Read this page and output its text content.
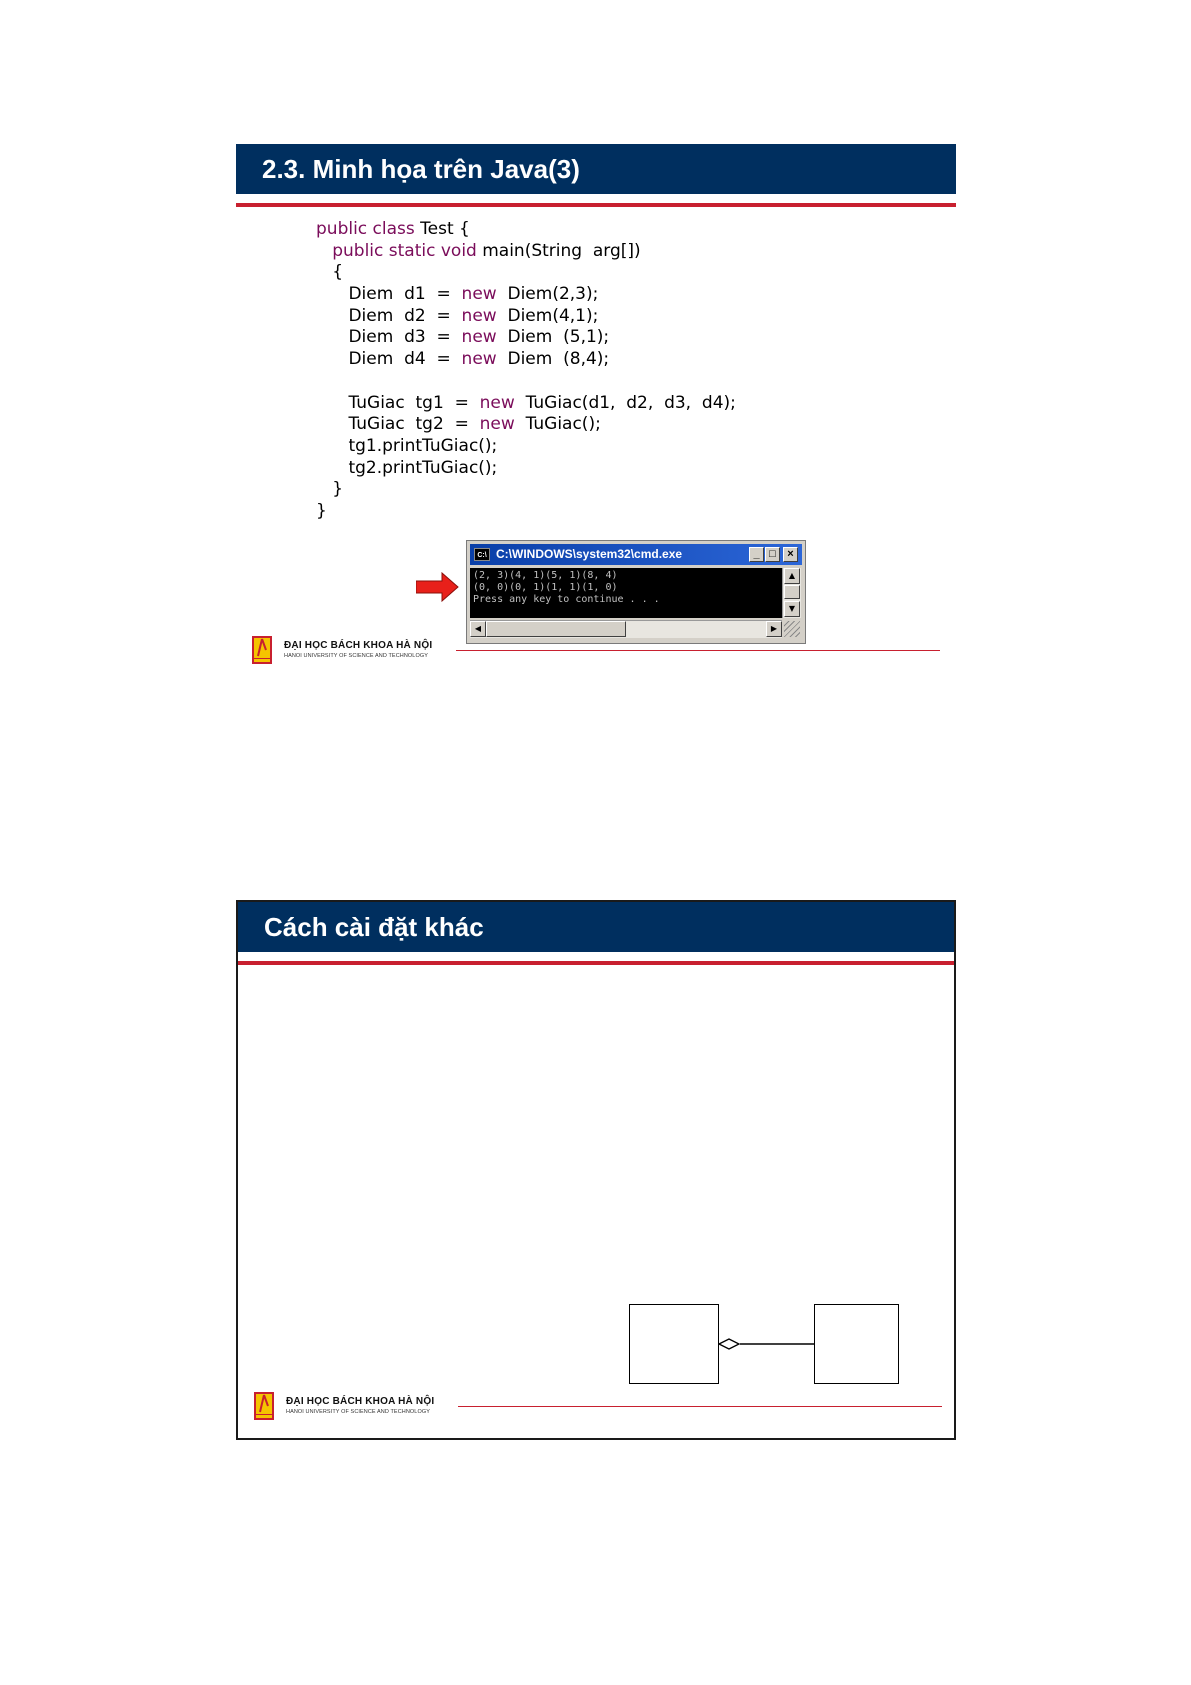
2.3. Minh họa trên Java(3)
public class Test {
public static void main(String  arg[])
{
Diem  d1  =  new  Diem(2,3);
Diem  d2  =  new  Diem(4,1);
Diem  d3  =  new  Diem  (5,1);
Diem  d4  =  new  Diem  (8,4);
TuGiac  tg1  =  new  TuGiac(d1,  d2,  d3,  d4);
TuGiac  tg2  =  new  TuGiac();
tg1.printTuGiac();
tg2.printTuGiac();
}
}
C:\ C:\WINDOWS\system32\cmd.exe	_ □	×
(2, 3)(4, 1)(5, 1)(8, 4)
(0, 0)(0, 1)(1, 1)(1, 0)
Press any key to continue . . .
▲
▼
◀	▶
ĐẠI HỌC BÁCH KHOA HÀ NỘI
HANOI UNIVERSITY OF SCIENCE AND TECHNOLOGY
Cách cài đặt khác
ĐẠI HỌC BÁCH KHOA HÀ NỘI
HANOI UNIVERSITY OF SCIENCE AND TECHNOLOGY
